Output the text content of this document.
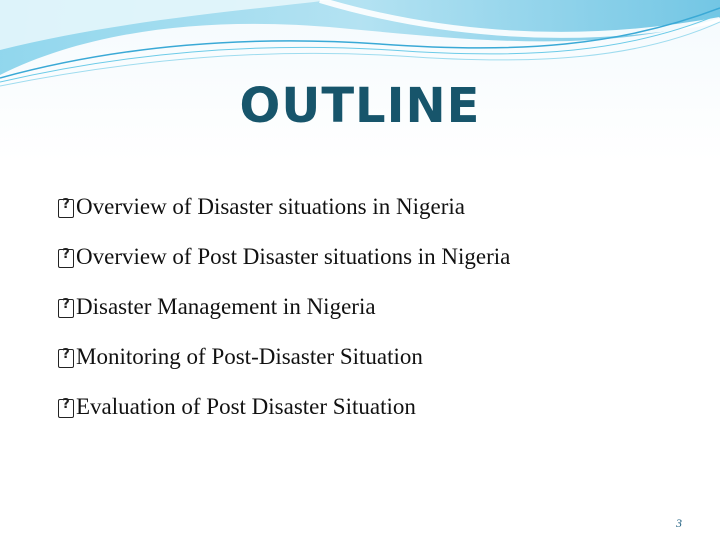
OUTLINE
?
Overview of Disaster situations in Nigeria
?
Overview of Post Disaster situations in Nigeria
?
Disaster Management in Nigeria
?
Monitoring of Post-Disaster Situation
?
Evaluation of Post Disaster Situation
3
